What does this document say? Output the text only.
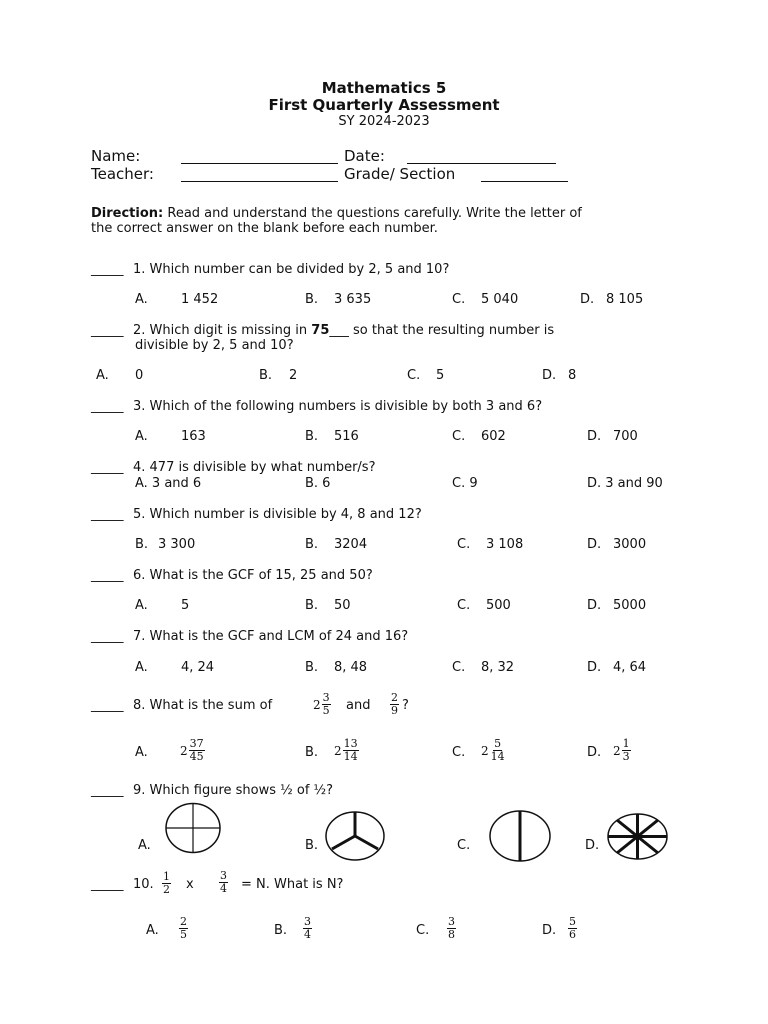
Mathematics 5
First Quarterly Assessment
SY 2024-2023
Name:	Date:
Teacher:	Grade/ Section
Direction: Read and understand the questions carefully. Write the letter of
the correct answer on the blank before each number.
_____ 1. Which number can be divided by 2, 5 and 10?
A.	1 452	B. 3 635	C. 5 040	D. 8 105
_____ 2. Which digit is missing in 75___ so that the resulting number is
divisible by 2, 5 and 10?
A. 0	B. 2	C. 5	D. 8
_____ 3. Which of the following numbers is divisible by both 3 and 6?
A.	163	B. 516	C. 602	D. 700
_____ 4. 477 is divisible by what number/s?
A. 3 and 6	B. 6	C. 9	D. 3 and 90
_____ 5. Which number is divisible by 4, 8 and 12?
B. 3 300	B. 3204	C. 3 108	D. 3000
_____ 6. What is the GCF of 15, 25 and 50?
A.	5	B. 50	C. 500	D. 5000
_____ 7. What is the GCF and LCM of 24 and 16?
A.	4, 24	B. 8, 48	C. 8, 32	D. 4, 64
_____ 8. What is the sum of	$2 \frac{3}{5}$ and $\frac{2}{9}$ ?
A.	$2 \frac{37}{45}$	B. $2 \frac{13}{14}$	C. $2 \frac{5}{14}$	D. $2 \frac{1}{3}$
_____ 9. Which figure shows ½ of ½?
A.	B.	C.	D.
_____ 10. $\frac{1}{2}$ x $\frac{3}{4} = N$. What is N?
A. $\frac{2}{5}$	B. $\frac{3}{4}$	C. $\frac{3}{8}$	D. $\frac{5}{6}$
